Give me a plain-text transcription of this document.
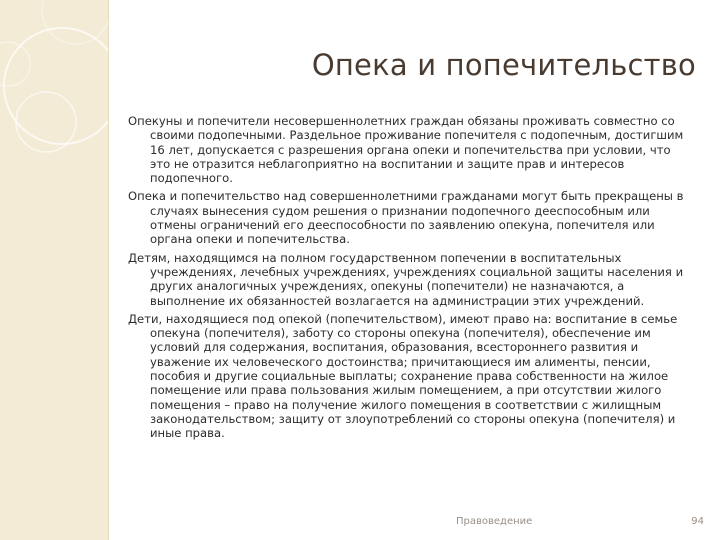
Опека и попечительство

Опекуны и попечители несовершеннолетних граждан обязаны проживать совместно со своими подопечными. Раздельное проживание попечителя с подопечным, достигшим 16 лет, допускается с разрешения органа опеки и попечительства при условии, что это не отразится неблагоприятно на воспитании и защите прав и интересов подопечного.

Опека и попечительство над совершеннолетними гражданами могут быть прекращены в случаях вынесения судом решения о признании подопечного дееспособным или отмены ограничений его дееспособности по заявлению опекуна, попечителя или органа опеки и попечительства.

Детям, находящимся на полном государственном попечении в воспитательных учреждениях, лечебных учреждениях, учреждениях социальной защиты населения и других аналогичных учреждениях, опекуны (попечители) не назначаются, а выполнение их обязанностей возлагается на администрации этих учреждений.

Дети, находящиеся под опекой (попечительством), имеют право на: воспитание в семье опекуна (попечителя), заботу со стороны опекуна (попечителя), обеспечение им условий для содержания, воспитания, образования, всестороннего развития и уважение их человеческого достоинства; причитающиеся им алименты, пенсии, пособия и другие социальные выплаты; сохранение права собственности на жилое помещение или права пользования жилым помещением, а при отсутствии жилого помещения – право на получение жилого помещения в соответствии с жилищным законодательством; защиту от злоупотреблений со стороны опекуна (попечителя) и иные права.

Правоведение	94
